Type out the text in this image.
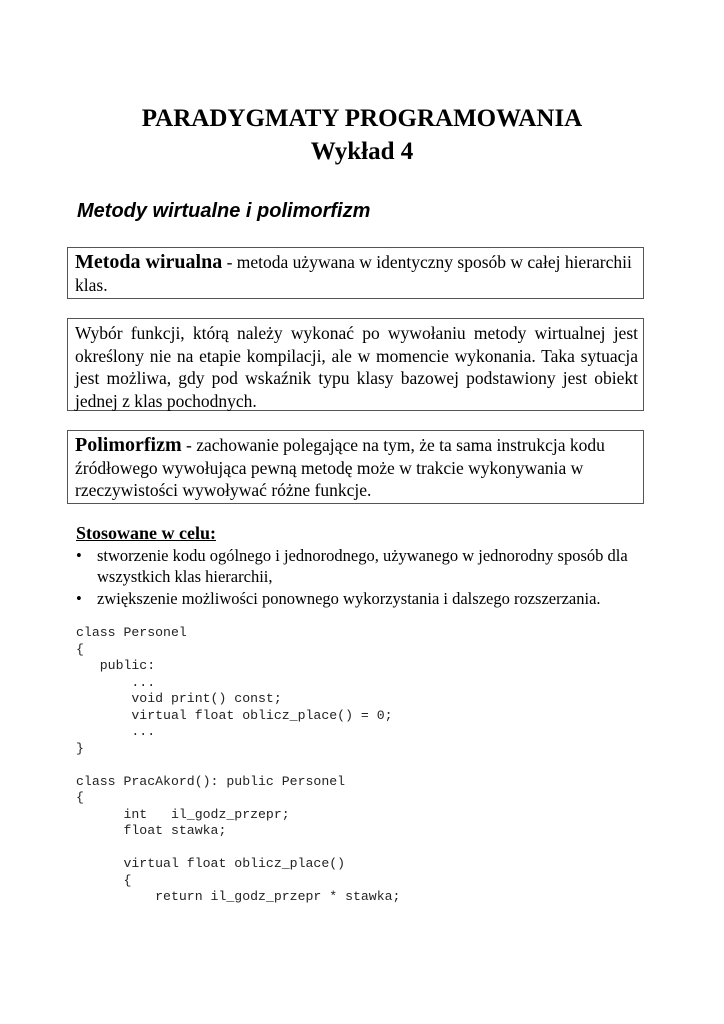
PARADYGMATY PROGRAMOWANIA
Wykład 4
Metody wirtualne i polimorfizm
Metoda wirualna - metoda używana w identyczny sposób w całej hierarchii klas.
Wybór funkcji, którą należy wykonać po wywołaniu metody wirtualnej jest określony nie na etapie kompilacji, ale w momencie wykonania. Taka sytuacja jest możliwa, gdy pod wskaźnik typu klasy bazowej podstawiony jest obiekt jednej z klas pochodnych.
Polimorfizm - zachowanie polegające na tym, że ta sama instrukcja kodu źródłowego wywołująca pewną metodę może w trakcie wykonywania w rzeczywistości wywoływać różne funkcje.
Stosowane w celu:
• stworzenie kodu ogólnego i jednorodnego, używanego w jednorodny sposób dla wszystkich klas hierarchii,
• zwiększenie możliwości ponownego wykorzystania i dalszego rozszerzania.
class Personel
{
public:
...
void print() const;
virtual float oblicz_place() = 0;
...
}

class PracAkord(): public Personel
{
int   il_godz_przepr;
float stawka;

virtual float oblicz_place()
{
return il_godz_przepr * stawka;
